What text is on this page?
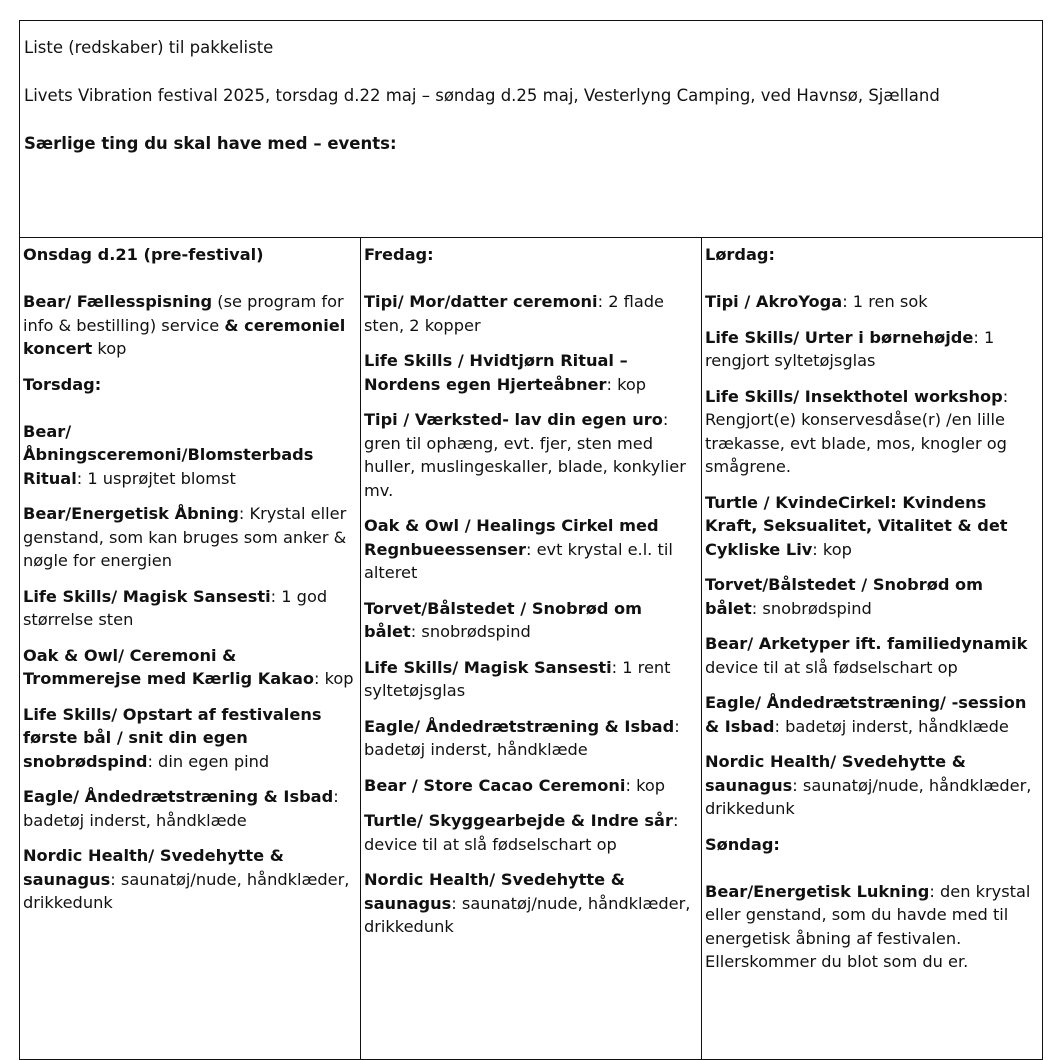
Liste (redskaber) til pakkeliste
Livets Vibration festival 2025, torsdag d.22 maj – søndag d.25 maj, Vesterlyng Camping, ved Havnsø, Sjælland
Særlige ting du skal have med – events:

Onsdag d.21 (pre-festival)
Bear/ Fællesspisning (se program for info & bestilling) service & ceremoniel koncert kop
Torsdag:
Bear/Åbningsceremoni/Blomsterbads Ritual: 1 usprøjtet blomst
Bear/Energetisk Åbning: Krystal eller genstand, som kan bruges som anker & nøgle for energien
Life Skills/ Magisk Sansesti: 1 god størrelse sten
Oak & Owl/ Ceremoni & Trommerejse med Kærlig Kakao: kop
Life Skills/ Opstart af festivalens første bål / snit din egen snobrødspind: din egen pind
Eagle/ Åndedrætstræning & Isbad: badetøj inderst, håndklæde
Nordic Health/ Svedehytte & saunagus: saunatøj/nude, håndklæder, drikkedunk

Fredag:
Tipi/ Mor/datter ceremoni: 2 flade sten, 2 kopper
Life Skills / Hvidtjørn Ritual – Nordens egen Hjerteåbner: kop
Tipi / Værksted- lav din egen uro: gren til ophæng, evt. fjer, sten med huller, muslingeskaller, blade, konkylier mv.
Oak & Owl / Healings Cirkel med Regnbueessenser: evt krystal e.l. til alteret
Torvet/Bålstedet / Snobrød om bålet: snobrødspind
Life Skills/ Magisk Sansesti: 1 rent syltetøjsglas
Eagle/ Åndedrætstræning & Isbad: badetøj inderst, håndklæde
Bear / Store Cacao Ceremoni: kop
Turtle/ Skyggearbejde & Indre sår: device til at slå fødselschart op
Nordic Health/ Svedehytte & saunagus: saunatøj/nude, håndklæder, drikkedunk

Lørdag:
Tipi / AkroYoga: 1 ren sok
Life Skills/ Urter i børnehøjde: 1 rengjort syltetøjsglas
Life Skills/ Insekthotel workshop: Rengjort(e) konservesdåse(r) /en lille trækasse, evt blade, mos, knogler og smågrene.
Turtle / KvindeCirkel: Kvindens Kraft, Seksualitet, Vitalitet & det Cykliske Liv: kop
Torvet/Bålstedet / Snobrød om bålet: snobrødspind
Bear/ Arketyper ift. familiedynamik device til at slå fødselschart op
Eagle/ Åndedrætstræning/ -session & Isbad: badetøj inderst, håndklæde
Nordic Health/ Svedehytte & saunagus: saunatøj/nude, håndklæder, drikkedunk
Søndag:
Bear/Energetisk Lukning: den krystal eller genstand, som du havde med til energetisk åbning af festivalen. Ellerskommer du blot som du er.
